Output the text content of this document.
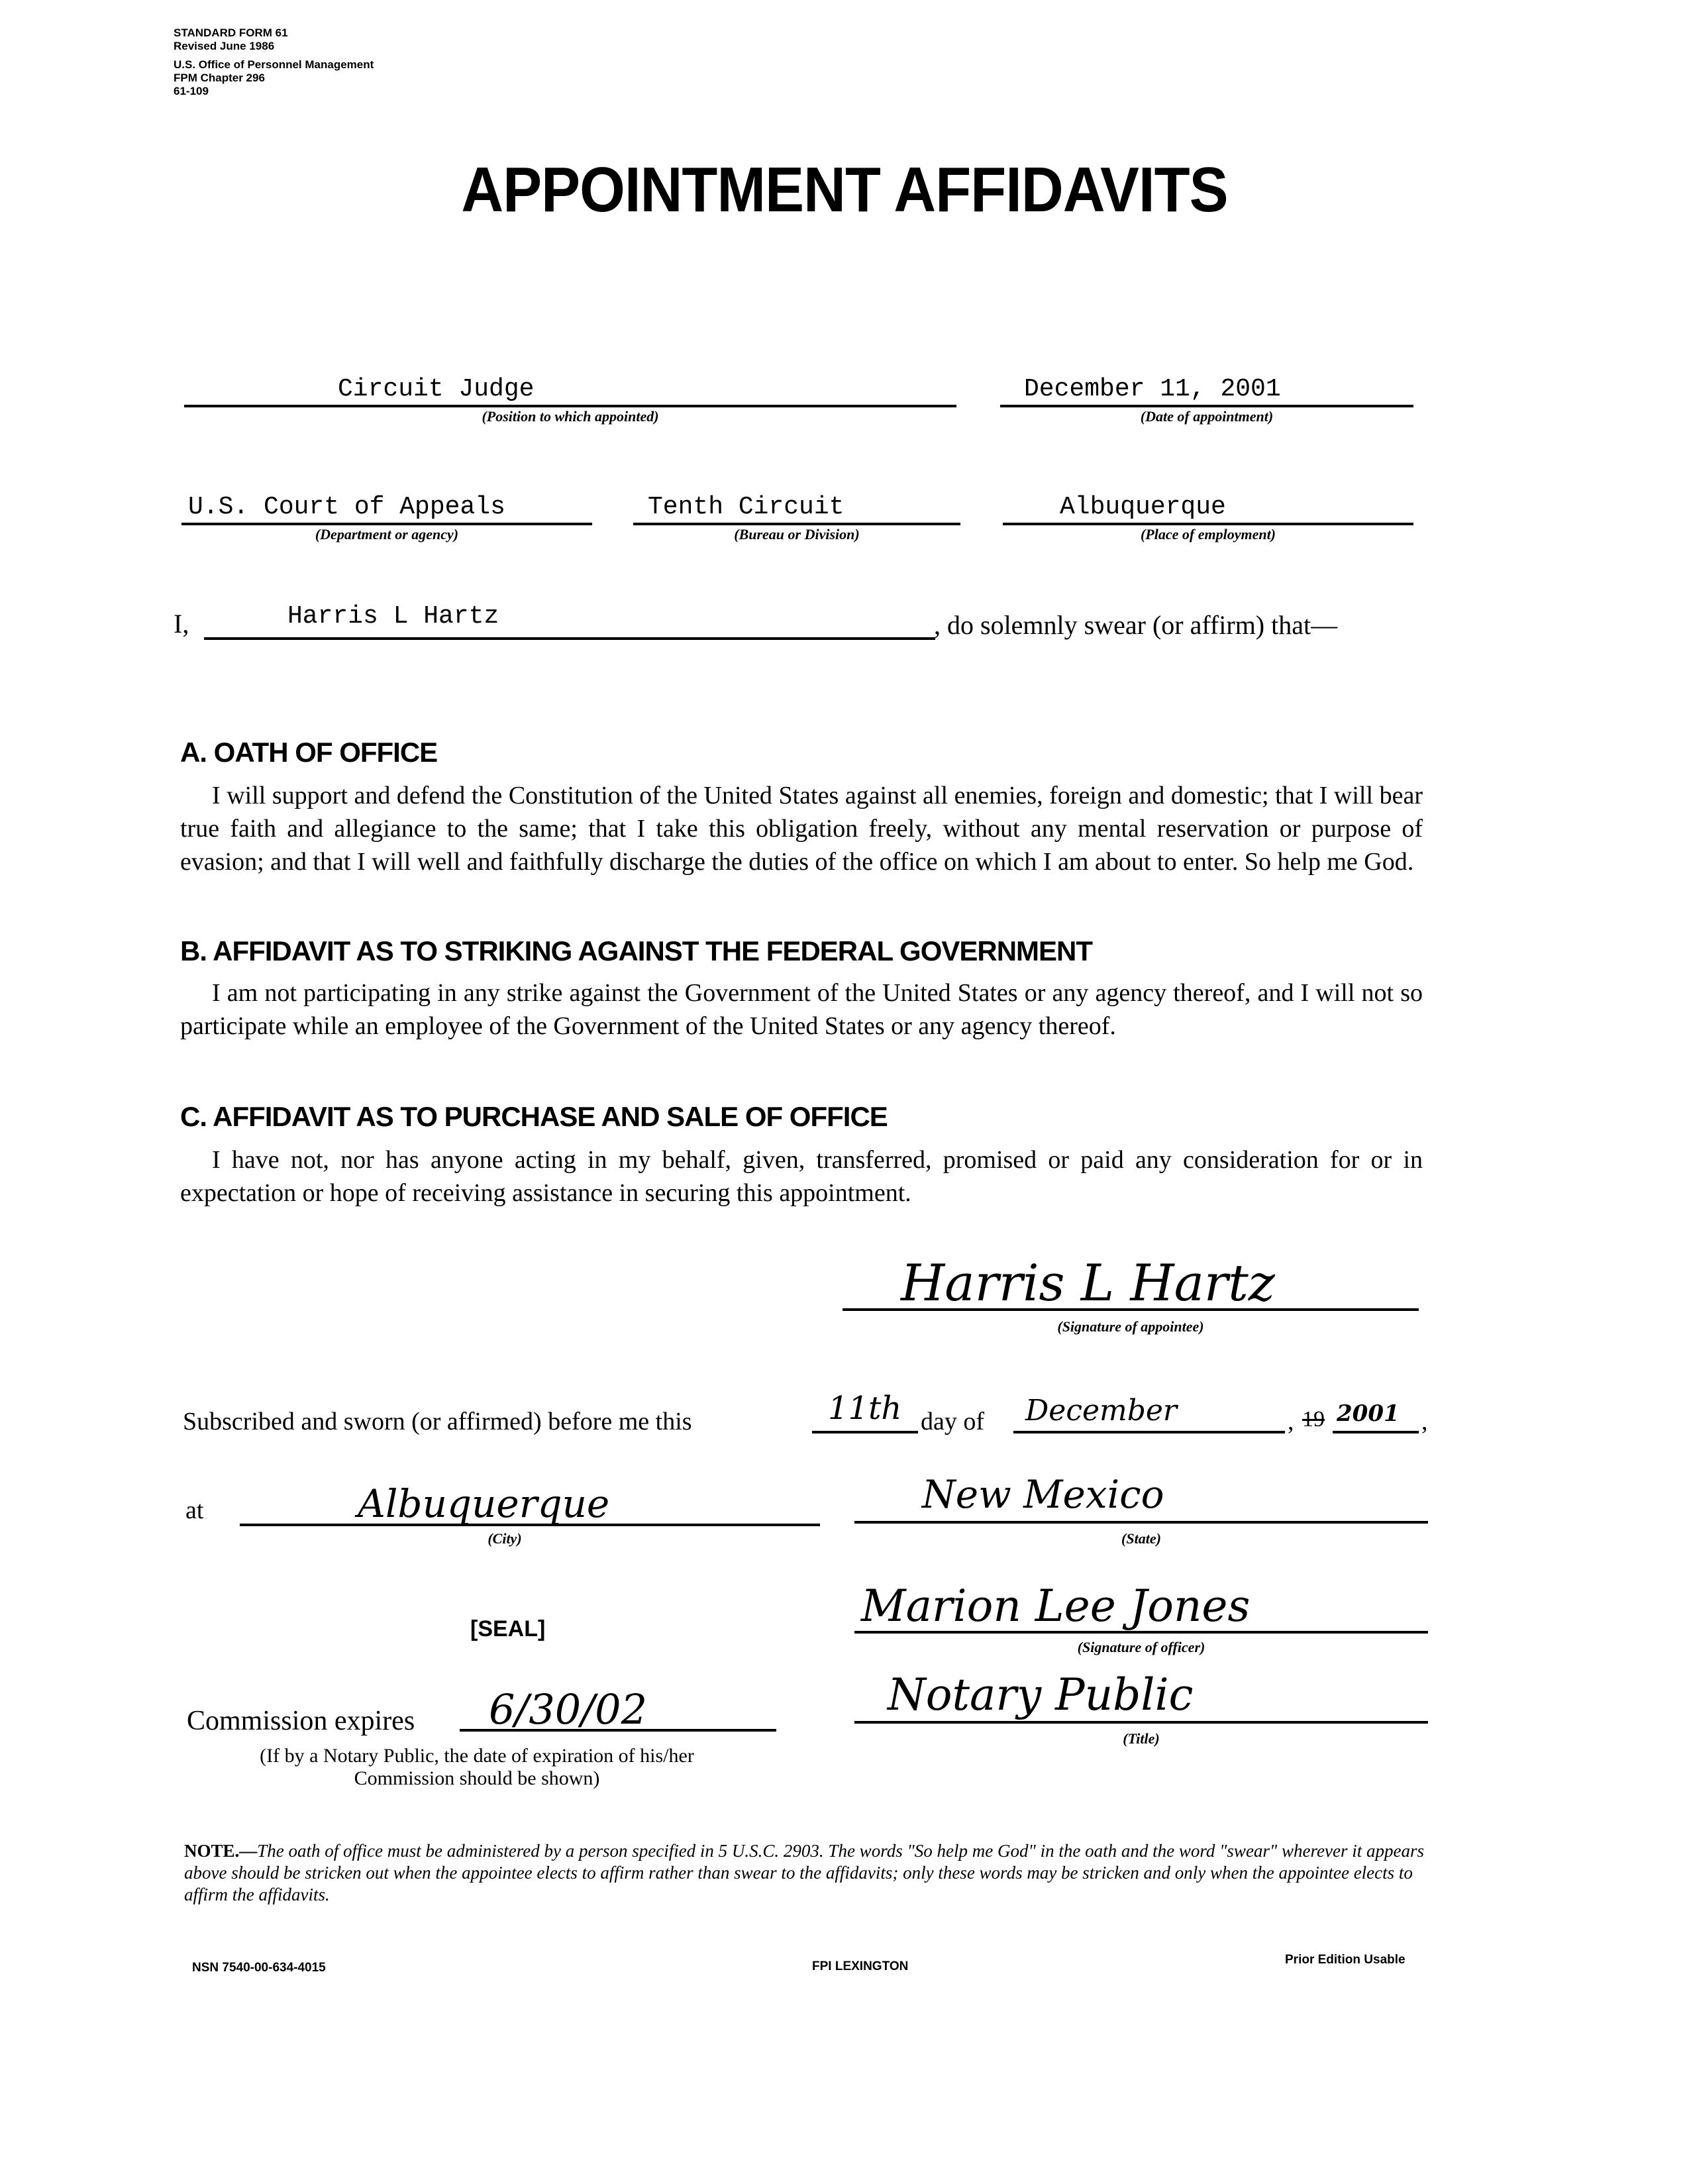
STANDARD FORM 61
Revised June 1986
U.S. Office of Personnel Management
FPM Chapter 296
61-109
APPOINTMENT AFFIDAVITS
Circuit Judge
(Position to which appointed)
December 11, 2001
(Date of appointment)
U.S. Court of Appeals
(Department or agency)
Tenth Circuit
(Bureau or Division)
Albuquerque
(Place of employment)
I,	Harris L Hartz	, do solemnly swear (or affirm) that—
A. OATH OF OFFICE
I will support and defend the Constitution of the United States against all enemies, foreign and domestic; that I will bear true faith and allegiance to the same; that I take this obligation freely, without any mental reservation or purpose of evasion; and that I will well and faithfully discharge the duties of the office on which I am about to enter. So help me God.
B. AFFIDAVIT AS TO STRIKING AGAINST THE FEDERAL GOVERNMENT
I am not participating in any strike against the Government of the United States or any agency thereof, and I will not so participate while an employee of the Government of the United States or any agency thereof.
C. AFFIDAVIT AS TO PURCHASE AND SALE OF OFFICE
I have not, nor has anyone acting in my behalf, given, transferred, promised or paid any consideration for or in expectation or hope of receiving assistance in securing this appointment.
Harris L Hartz
(Signature of appointee)
Subscribed and sworn (or affirmed) before me this	11th day of December	, 19 2001 ,
at	Albuquerque
(City)
New Mexico
(State)
[SEAL]	Marion Lee Jones
(Signature of officer)
Commission expires 6/30/02
(If by a Notary Public, the date of expiration of his/her
Commission should be shown)
Notary Public
(Title)
NOTE.—The oath of office must be administered by a person specified in 5 U.S.C. 2903. The words "So help me God" in the oath and the word "swear" wherever it appears above should be stricken out when the appointee elects to affirm rather than swear to the affidavits; only these words may be stricken and only when the appointee elects to affirm the affidavits.
NSN 7540-00-634-4015	FPI LEXINGTON	Prior Edition Usable
